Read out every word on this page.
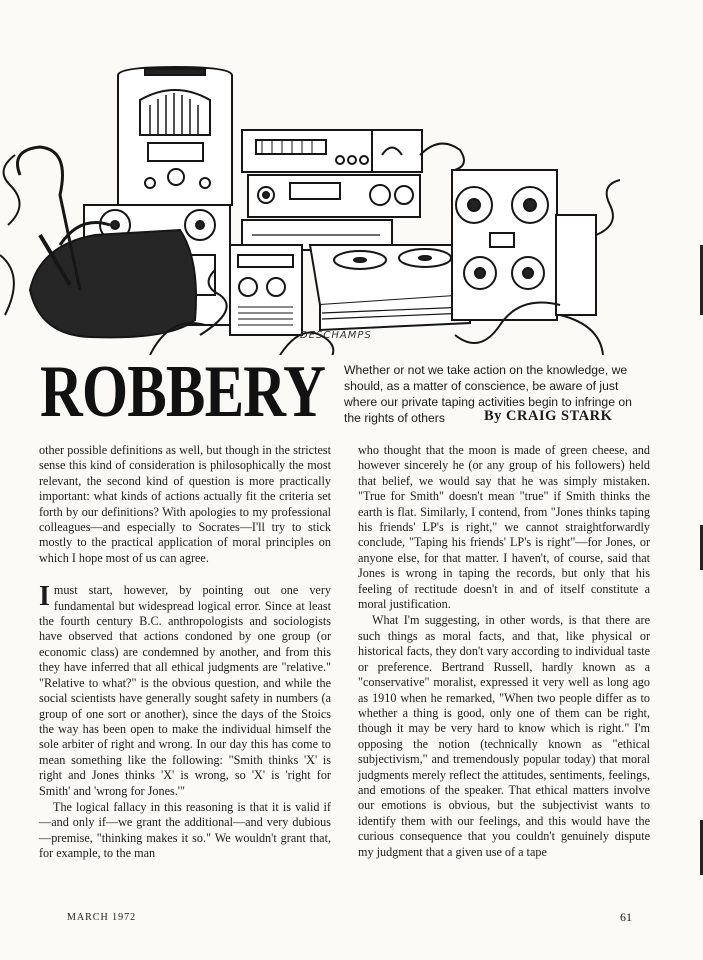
DESCHAMPS
ROBBERY Whether or not we take action on the knowledge, we should, as a matter of conscience, be aware of just where our private taping activities begin to infringe on the rights of others	By CRAIG STARK

other possible definitions as well, but though in the strictest sense this kind of consideration is philosophically the most relevant, the second kind of question is more practically important: what kinds of actions actually fit the criteria set forth by our definitions? With apologies to my professional colleagues—and especially to Socrates—I'll try to stick mostly to the practical application of moral principles on which I hope most of us can agree.

Imust start, however, by pointing out one very fundamental but widespread logical error. Since at least the fourth century B.C. anthropologists and sociologists have observed that actions condoned by one group (or economic class) are condemned by another, and from this they have inferred that all ethical judgments are "relative." "Relative to what?" is the obvious question, and while the social scientists have generally sought safety in numbers (a group of one sort or another), since the days of the Stoics the way has been open to make the individual himself the sole arbiter of right and wrong. In our day this has come to mean something like the following: "Smith thinks 'X' is right and Jones thinks 'X' is wrong, so 'X' is 'right for Smith' and 'wrong for Jones.'"

The logical fallacy in this reasoning is that it is valid if—and only if—we grant the additional—and very dubious—premise, "thinking makes it so." We wouldn't grant that, for example, to the man

who thought that the moon is made of green cheese, and however sincerely he (or any group of his followers) held that belief, we would say that he was simply mistaken. "True for Smith" doesn't mean "true" if Smith thinks the earth is flat. Similarly, I contend, from "Jones thinks taping his friends' LP's is right," we cannot straightforwardly conclude, "Taping his friends' LP's is right"—for Jones, or anyone else, for that matter. I haven't, of course, said that Jones is wrong in taping the records, but only that his feeling of rectitude doesn't in and of itself constitute a moral justification.

What I'm suggesting, in other words, is that there are such things as moral facts, and that, like physical or historical facts, they don't vary according to individual taste or preference. Bertrand Russell, hardly known as a "conservative" moralist, expressed it very well as long ago as 1910 when he remarked, "When two people differ as to whether a thing is good, only one of them can be right, though it may be very hard to know which is right." I'm opposing the notion (technically known as "ethical subjectivism," and tremendously popular today) that moral judgments merely reflect the attitudes, sentiments, feelings, and emotions of the speaker. That ethical matters involve our emotions is obvious, but the subjectivist wants to identify them with our feelings, and this would have the curious consequence that you couldn't genuinely dispute my judgment that a given use of a tape

MARCH 1972	61
